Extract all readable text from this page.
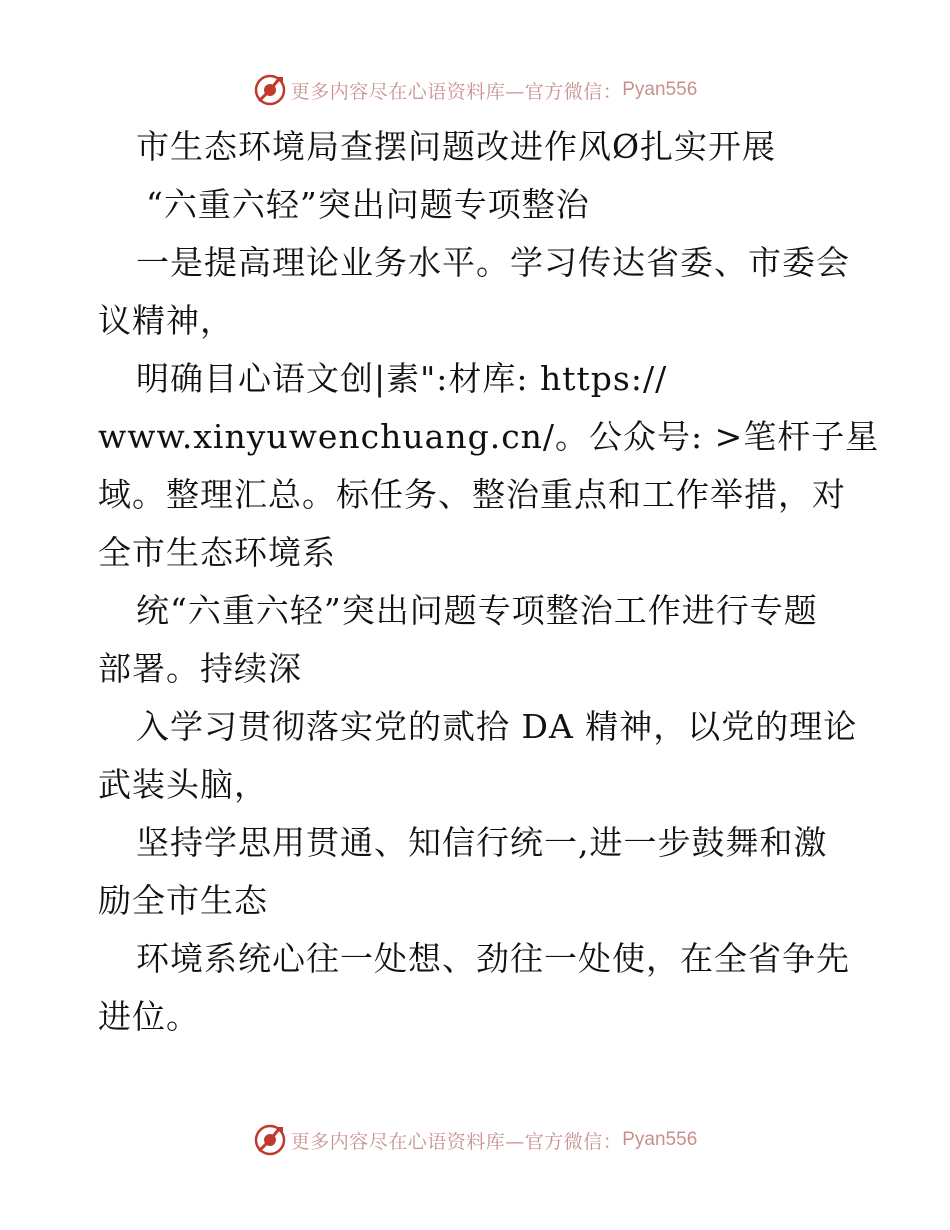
更多内容尽在心语资料库—官方微信： Pyan556
市生态环境局查摆问题改进作风Ø扎实开展
“六重六轻”突出问题专项整治
一是提高理论业务水平。学习传达省委、市委会
议精神，
明确目心语文创|素":材库: https://
www.xinyuwenchuang.cn/。公众号: >笔杆子星
域。整理汇总。标任务、整治重点和工作举措，对
全市生态环境系
统“六重六轻”突出问题专项整治工作进行专题
部署。持续深
入学习贯彻落实党的贰拾 DA 精神，以党的理论
武装头脑，
坚持学思用贯通、知信行统一,进一步鼓舞和激
励全市生态
环境系统心往一处想、劲往一处使，在全省争先
进位。
更多内容尽在心语资料库—官方微信： Pyan556
